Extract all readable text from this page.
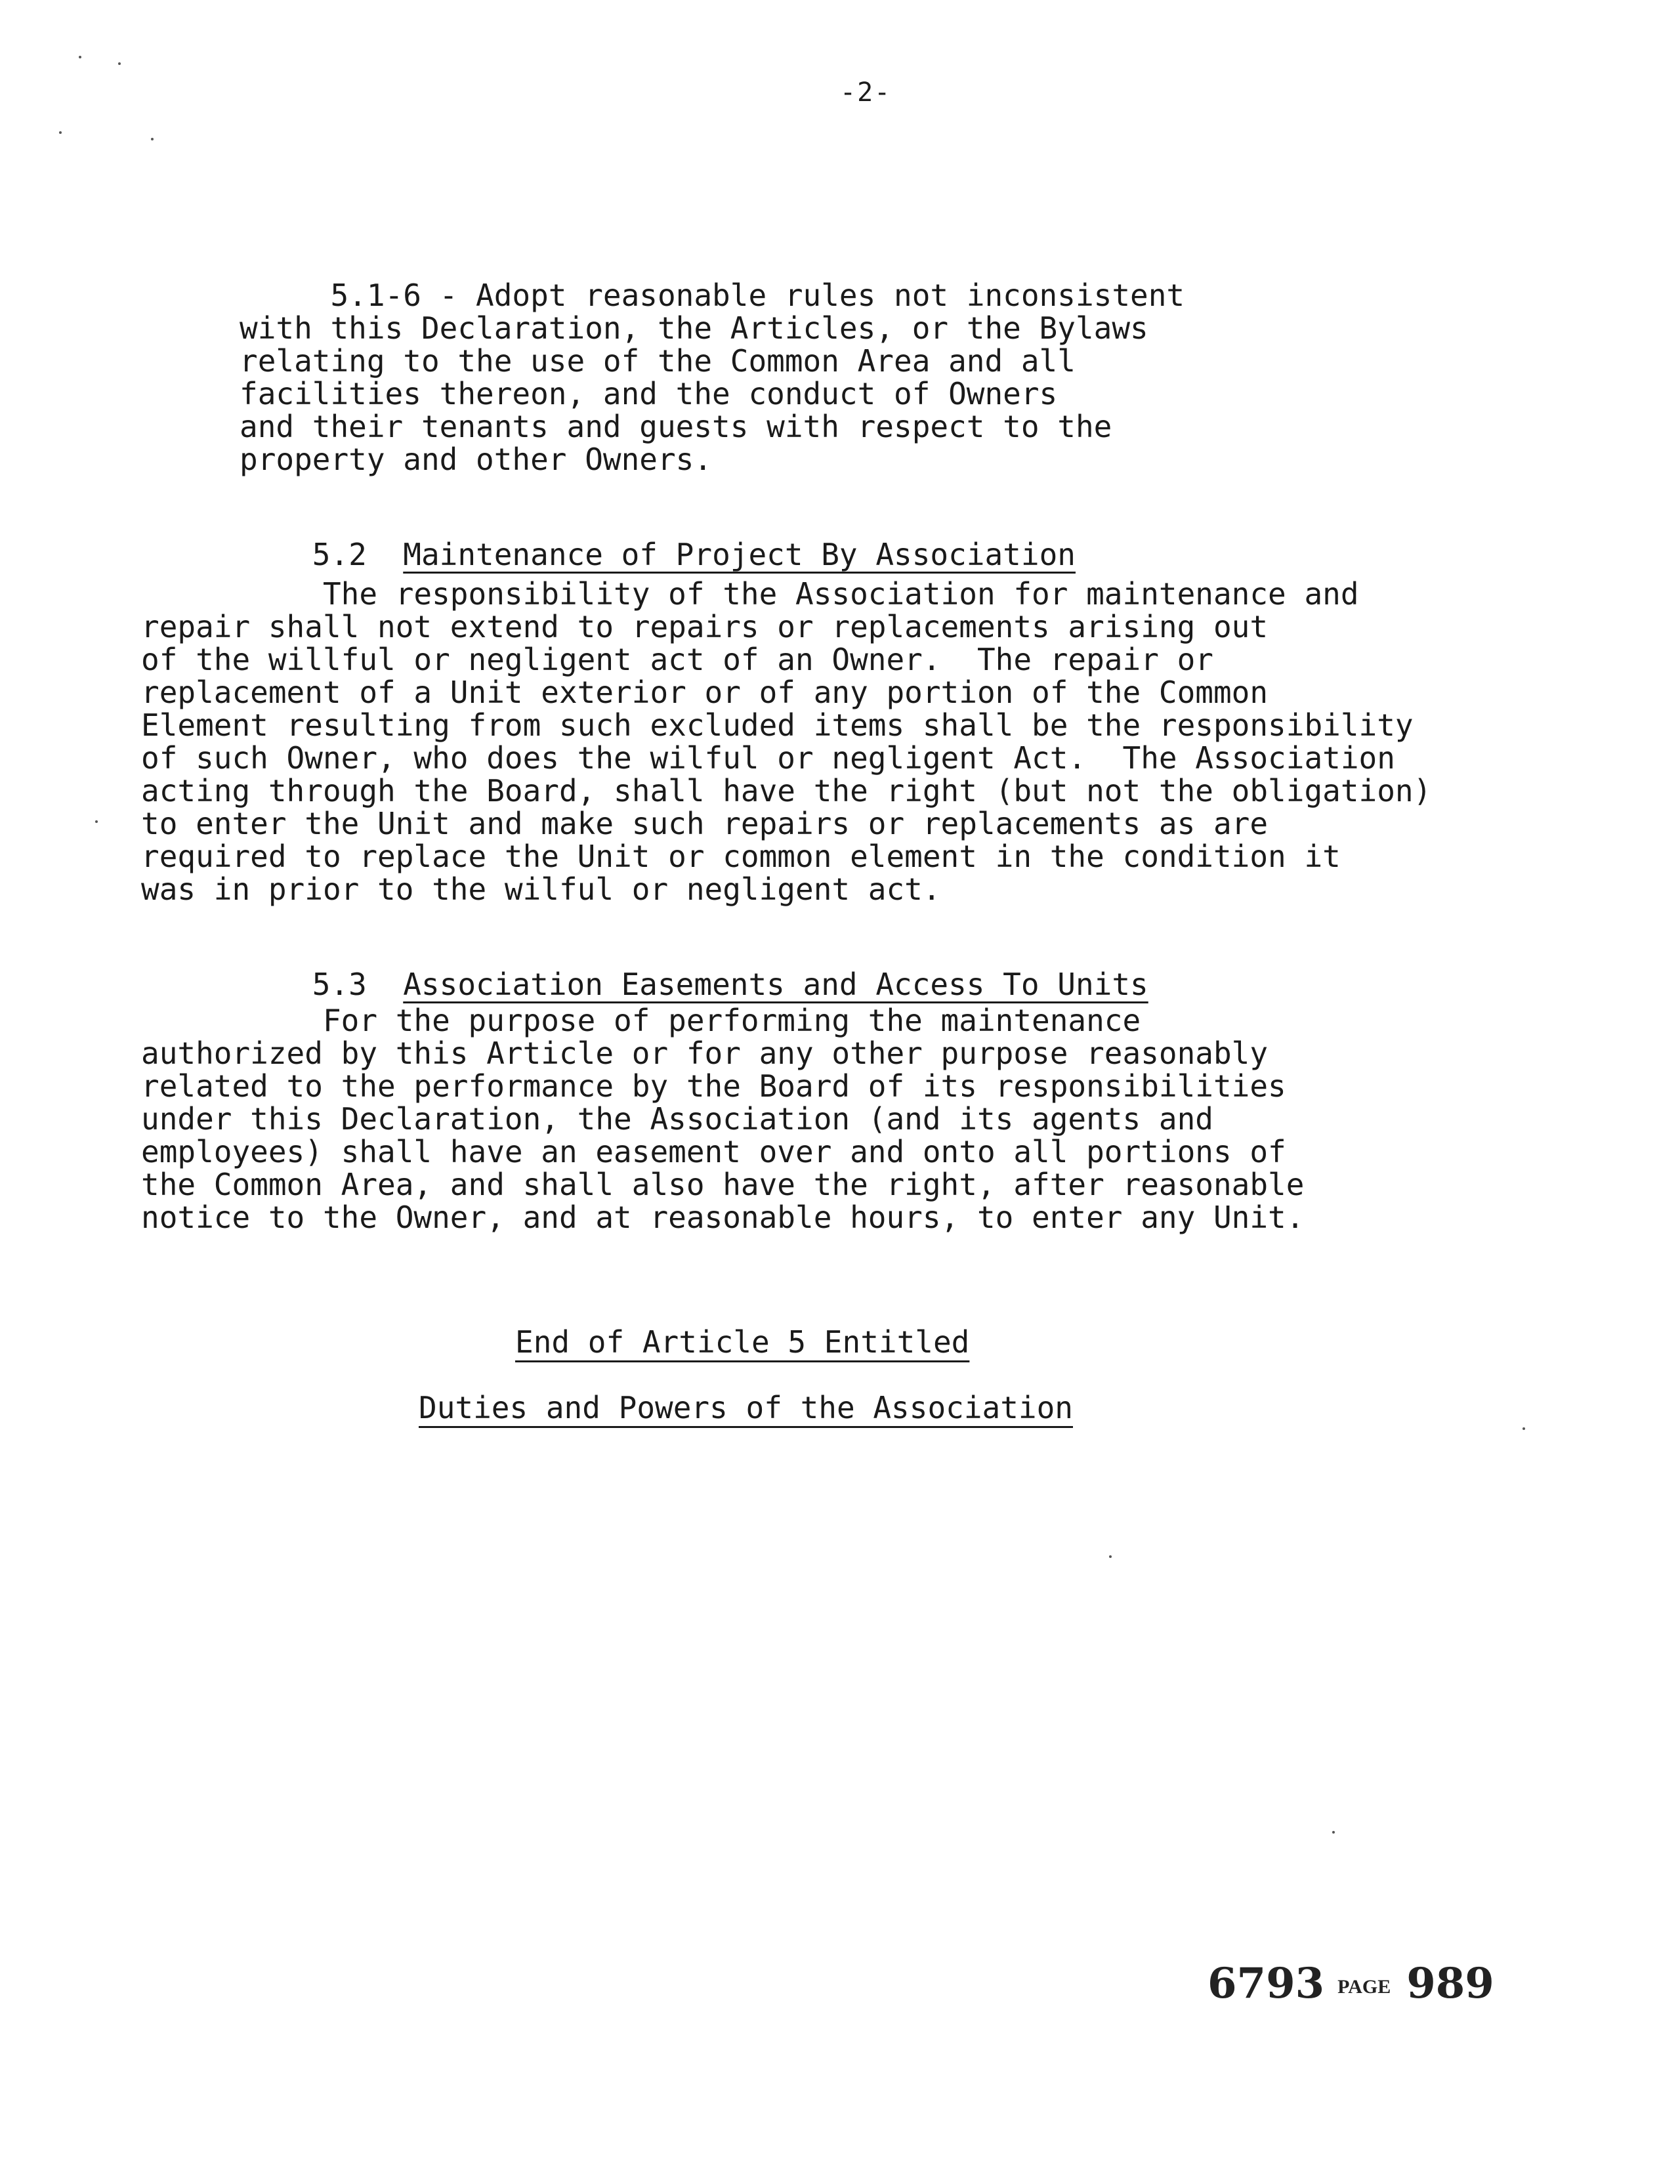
-2-
5.1-6 - Adopt reasonable rules not inconsistent
with this Declaration, the Articles, or the Bylaws
relating to the use of the Common Area and all
facilities thereon, and the conduct of Owners
and their tenants and guests with respect to the
property and other Owners.

5.2 Maintenance of Project By Association

The responsibility of the Association for maintenance and
repair shall not extend to repairs or replacements arising out
of the willful or negligent act of an Owner.  The repair or
replacement of a Unit exterior or of any portion of the Common
Element resulting from such excluded items shall be the responsibility
of such Owner, who does the wilful or negligent Act.  The Association
acting through the Board, shall have the right (but not the obligation)
to enter the Unit and make such repairs or replacements as are
required to replace the Unit or common element in the condition it
was in prior to the wilful or negligent act.

5.3 Association Easements and Access To Units

For the purpose of performing the maintenance
authorized by this Article or for any other purpose reasonably
related to the performance by the Board of its responsibilities
under this Declaration, the Association (and its agents and
employees) shall have an easement over and onto all portions of
the Common Area, and shall also have the right, after reasonable
notice to the Owner, and at reasonable hours, to enter any Unit.
End of Article 5 Entitled
Duties and Powers of the Association
6793 PAGE 989
